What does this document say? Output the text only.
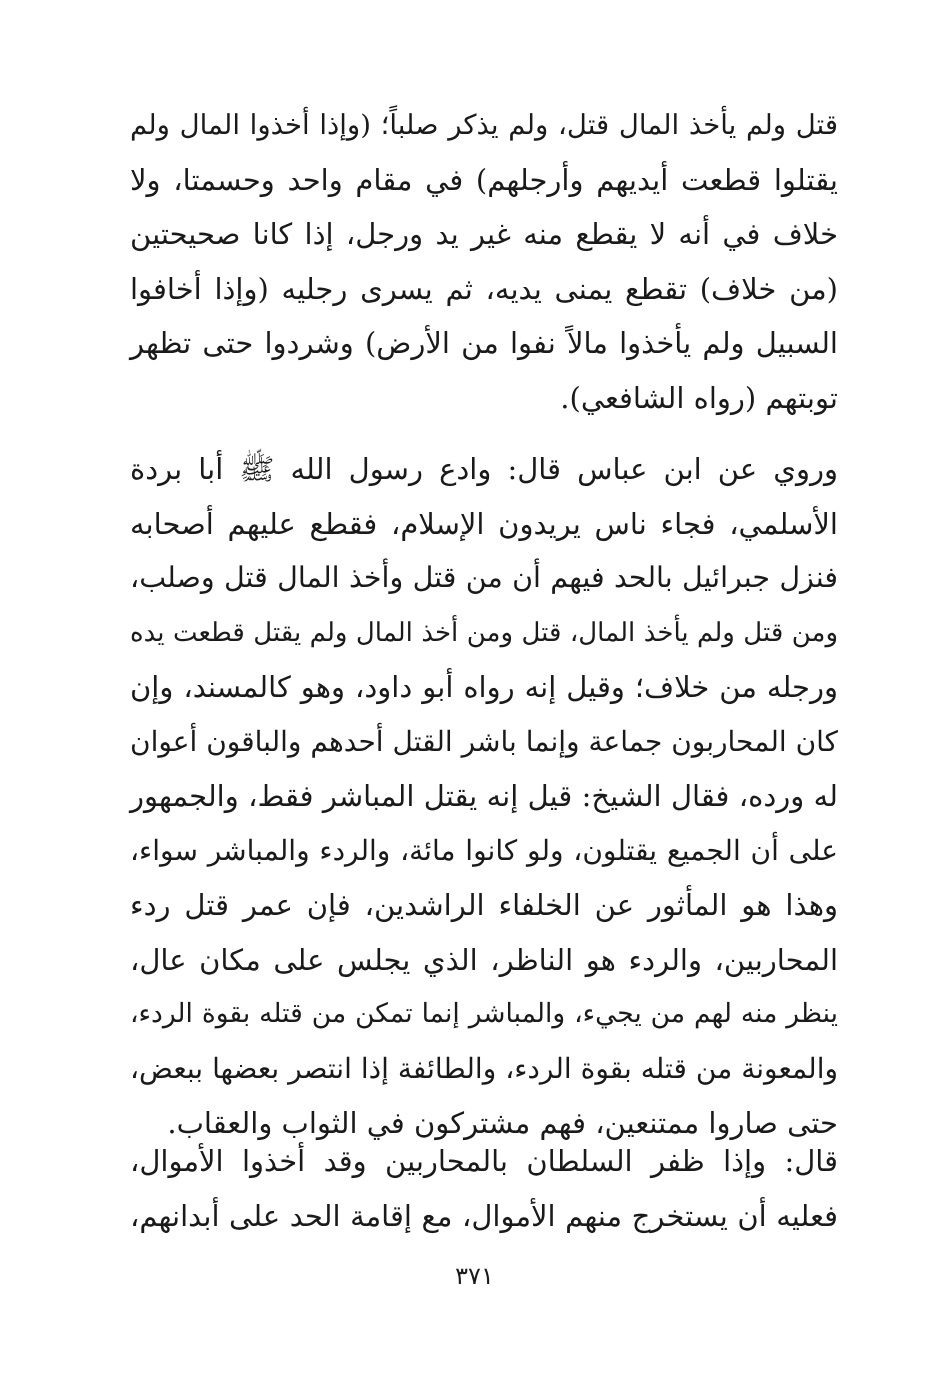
قتل ولم يأخذ المال قتل، ولم يذكر صلباً؛ (وإذا أخذوا المال ولم
يقتلوا قطعت أيديهم وأرجلهم) في مقام واحد وحسمتا، ولا
خلاف في أنه لا يقطع منه غير يد ورجل، إذا كانا صحيحتين
(من خلاف) تقطع يمنى يديه، ثم يسرى رجليه (وإذا أخافوا
السبيل ولم يأخذوا مالاً نفوا من الأرض) وشردوا حتى تظهر
توبتهم (رواه الشافعي).
وروي عن ابن عباس قال: وادع رسول الله ﷺ أبا بردة
الأسلمي، فجاء ناس يريدون الإسلام، فقطع عليهم أصحابه
فنزل جبرائيل بالحد فيهم أن من قتل وأخذ المال قتل وصلب،
ومن قتل ولم يأخذ المال، قتل ومن أخذ المال ولم يقتل قطعت يده
ورجله من خلاف؛ وقيل إنه رواه أبو داود، وهو كالمسند، وإن
كان المحاربون جماعة وإنما باشر القتل أحدهم والباقون أعوان
له ورده، فقال الشيخ: قيل إنه يقتل المباشر فقط، والجمهور
على أن الجميع يقتلون، ولو كانوا مائة، والردء والمباشر سواء،
وهذا هو المأثور عن الخلفاء الراشدين، فإن عمر قتل ردء
المحاربين، والردء هو الناظر، الذي يجلس على مكان عال،
ينظر منه لهم من يجيء، والمباشر إنما تمكن من قتله بقوة الردء،
والمعونة من قتله بقوة الردء، والطائفة إذا انتصر بعضها ببعض،
حتى صاروا ممتنعين، فهم مشتركون في الثواب والعقاب.
قال: وإذا ظفر السلطان بالمحاربين وقد أخذوا الأموال،
فعليه أن يستخرج منهم الأموال، مع إقامة الحد على أبدانهم،
٣٧١
